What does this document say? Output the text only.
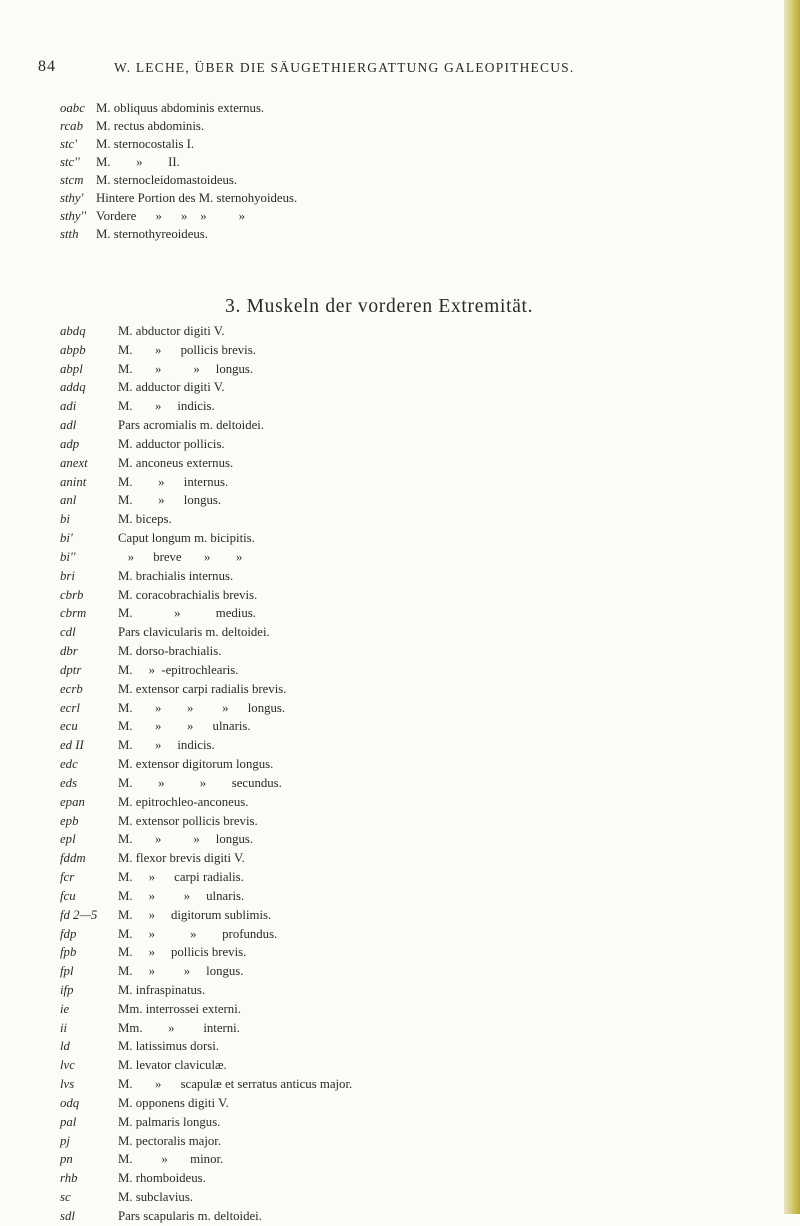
84	W. LECHE, ÜBER DIE SÄUGETHIERGATTUNG GALEOPITHECUS.
oabc M. obliquus abdominis externus.
rcab	M. rectus abdominis.
stc'	M. sternocostalis I.
stc''	M.        »        II.
stcm M. sternocleidomastoideus.
sthy' Hintere Portion des M. sternohyoideus.
sthy'' Vordere      »      »    »          »
stth	M. sternothyreoideus.
3. Muskeln der vorderen Extremität.
abdq	M. abductor digiti V.
abpb	M.       »      pollicis brevis.
abpl	M.       »          »     longus.
addq	M. adductor digiti V.
adi	M.       »     indicis.
adl	Pars acromialis m. deltoidei.
adp	M. adductor pollicis.
anext	M. anconeus externus.
anint	M.        »      internus.
anl	M.        »      longus.
bi	M. biceps.
bi'	Caput longum m. bicipitis.
bi''	»      breve       »        »
bri	M. brachialis internus.
cbrb	M. coracobrachialis brevis.
cbrm	M.             »           medius.
cdl	Pars clavicularis m. deltoidei.
dbr	M. dorso-brachialis.
dptr	M.     »  -epitrochlearis.
ecrb	M. extensor carpi radialis brevis.
ecrl	M.       »        »         »      longus.
ecu	M.       »        »      ulnaris.
ed II	M.       »     indicis.
edc	M. extensor digitorum longus.
eds	M.        »           »        secundus.
epan	M. epitrochleo-anconeus.
epb	M. extensor pollicis brevis.
epl	M.       »          »     longus.
fddm	M. flexor brevis digiti V.
fcr	M.     »      carpi radialis.
fcu	M.     »         »     ulnaris.
fd 2—5	M.     »     digitorum sublimis.
fdp	M.     »           »        profundus.
fpb	M.     »     pollicis brevis.
fpl	M.     »         »     longus.
ifp	M. infraspinatus.
ie	Mm. interrossei externi.
ii	Mm.        »         interni.
ld	M. latissimus dorsi.
lvc	M. levator claviculæ.
lvs	M.       »      scapulæ et serratus anticus major.
odq	M. opponens digiti V.
pal	M. palmaris longus.
pj	M. pectoralis major.
pn	M.         »       minor.
rhb	M. rhomboideus.
sc	M. subclavius.
sdl	Pars scapularis m. deltoidei.
